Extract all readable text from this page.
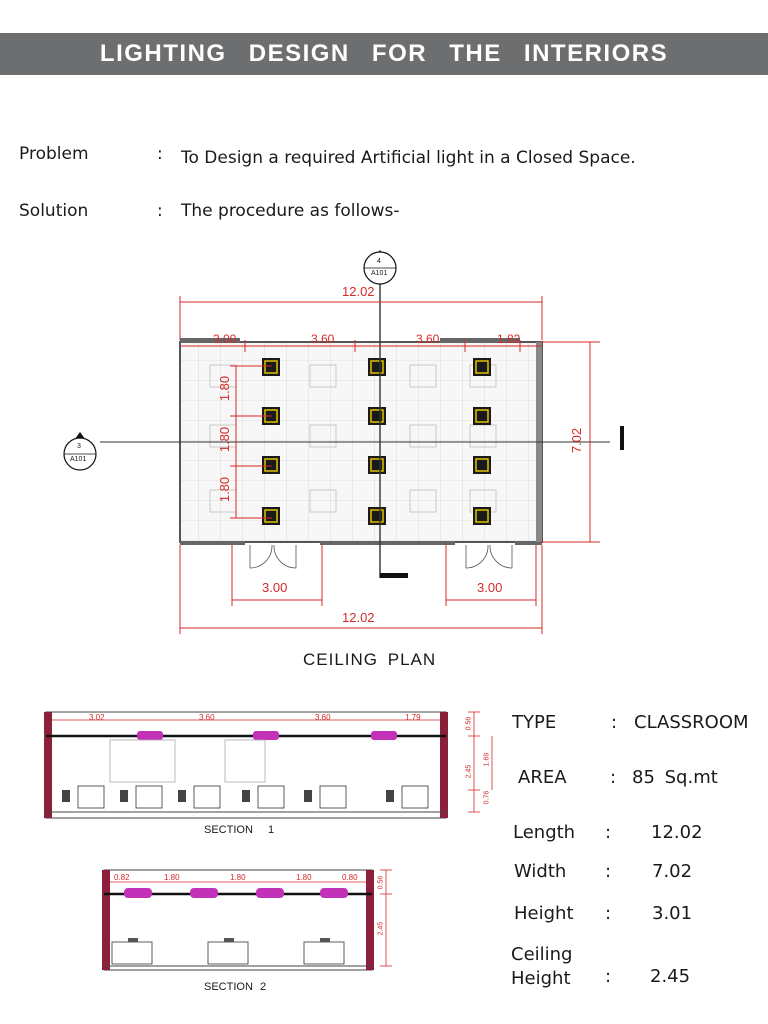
LIGHTING DESIGN FOR THE INTERIORS
Problem	: To Design a required Artificial light in a Closed Space.
Solution	: The procedure as follows-
12.02
3.00	3.60	3.60	1.82
1.80
1.80
1.80
7.02
3.00	3.00
12.02
4
A101
3
A101
CEILING PLAN
3.02	3.60	3.60	1.79	0.56
2.45
1.69
0.76
SECTION 1
0.82	1.80	1.80	1.80	0.80	0.56
2.45
SECTION 2
TYPE	: CLASSROOM
AREA : 85 Sq.mt
Length : 12.02
Width : 7.02
Height : 3.01
Ceiling Height	: 2.45
